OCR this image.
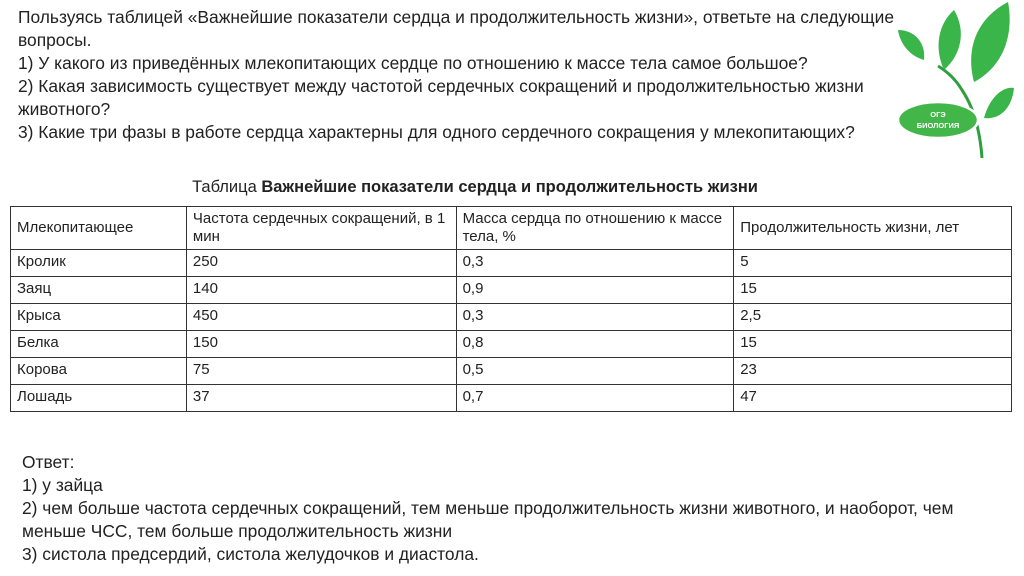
Пользуясь таблицей «Важнейшие показатели сердца и продолжительность жизни», ответьте на следующие вопросы.

1) У какого из приведённых млекопитающих сердце по отношению к массе тела самое большое?

2) Какая зависимость существует между частотой сердечных сокращений и продолжительностью жизни животного?

3) Какие три фазы в работе сердца характерны для одного сердечного сокращения у млекопитающих?

Таблица Важнейшие показатели сердца и продолжительность жизни
Млекопитающее	Частота сердечных сокращений, в 1 мин	Масса сердца по отношению к массе тела, %	Продолжительность жизни, лет
Кролик	250	0,3	5
Заяц	140	0,9	15
Крыса	450	0,3	2,5
Белка	150	0,8	15
Корова	75	0,5	23
Лошадь	37	0,7	47

Ответ:

1) у зайца

2) чем больше частота сердечных сокращений, тем меньше продолжительность жизни животного, и наоборот, чем меньше ЧСС, тем больше продолжительность жизни

3) систола предсердий, систола желудочков и диастола.

ОГЭ
БИОЛОГИЯ
